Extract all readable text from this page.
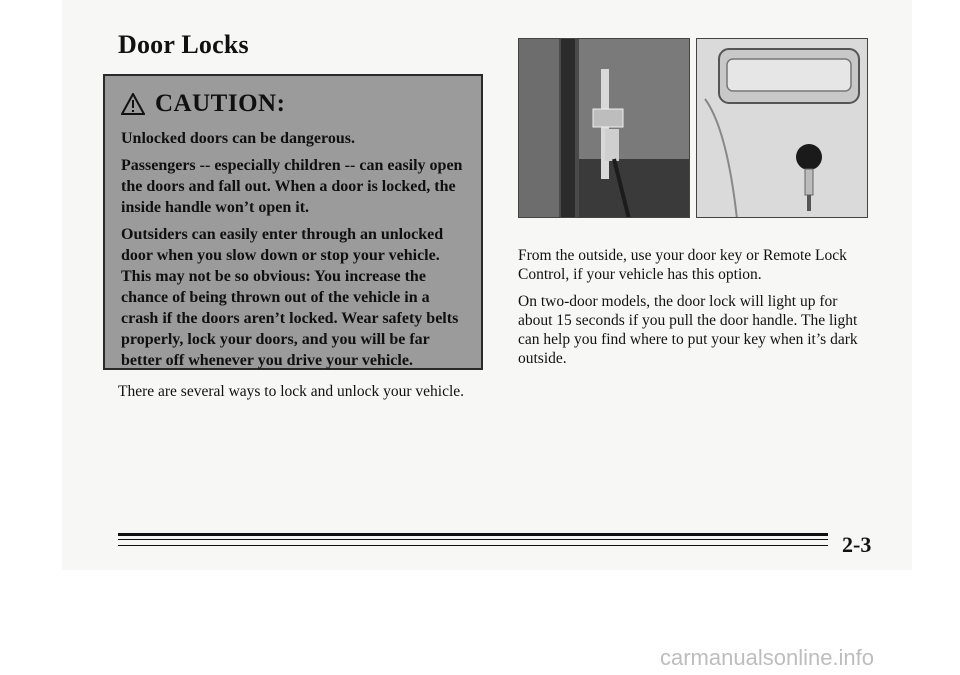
Door Locks
CAUTION:

Unlocked doors can be dangerous.

Passengers -- especially children -- can easily open the doors and fall out. When a door is locked, the inside handle won’t open it.

Outsiders can easily enter through an unlocked door when you slow down or stop your vehicle. This may not be so obvious: You increase the chance of being thrown out of the vehicle in a crash if the doors aren’t locked. Wear safety belts properly, lock your doors, and you will be far better off whenever you drive your vehicle.

There are several ways to lock and unlock your vehicle.

From the outside, use your door key or Remote Lock Control, if your vehicle has this option.

On two-door models, the door lock will light up for about 15 seconds if you pull the door handle. The light can help you find where to put your key when it’s dark outside.

2-3
carmanualsonline.info
